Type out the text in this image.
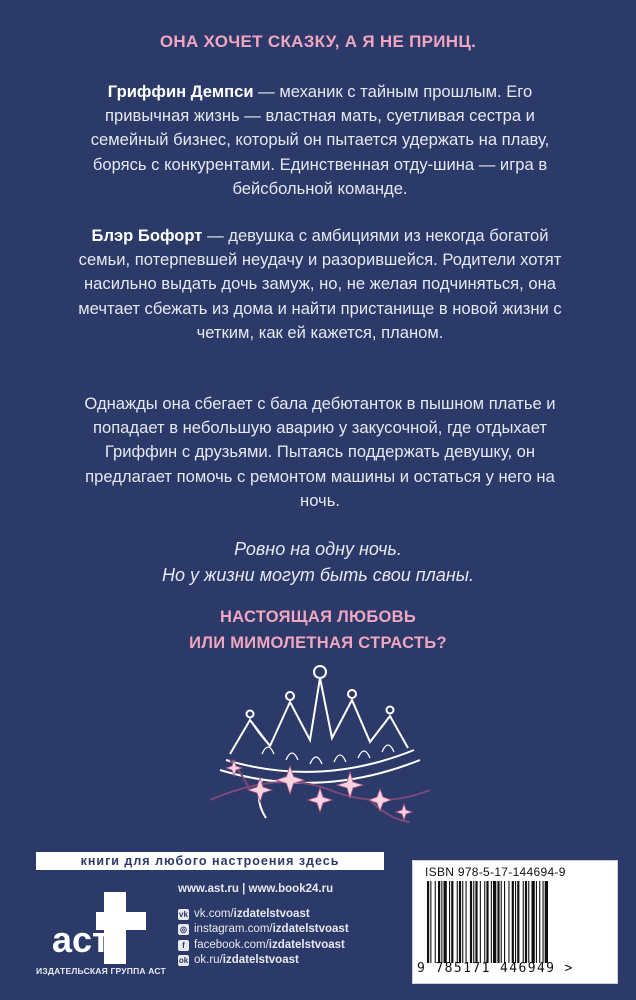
ОНА ХОЧЕТ СКАЗКУ, А Я НЕ ПРИНЦ.
Гриффин Демпси — механик с тайным прошлым. Его привычная жизнь — властная мать, суетливая сестра и семейный бизнес, который он пытается удержать на плаву, борясь с конкурентами. Единственная отду-шина — игра в бейсбольной команде.
Блэр Бофорт — девушка с амбициями из некогда богатой семьи, потерпевшей неудачу и разорившейся. Родители хотят насильно выдать дочь замуж, но, не желая подчиняться, она мечтает сбежать из дома и найти пристанище в новой жизни с четким, как ей кажется, планом.
Однажды она сбегает с бала дебютанток в пышном платье и попадает в небольшую аварию у закусочной, где отдыхает Гриффин с друзьями. Пытаясь поддержать девушку, он предлагает помочь с ремонтом машины и остаться у него на ночь.
Ровно на одну ночь.
Но у жизни могут быть свои планы.
НАСТОЯЩАЯ ЛЮБОВЬ
ИЛИ МИМОЛЕТНАЯ СТРАСТЬ?
книги для любого настроения здесь
аст
ИЗДАТЕЛЬСКАЯ ГРУППА АСТ
www.ast.ru | www.book24.ru
vk vk.com/izdatelstvoast
◎ instagram.com/izdatelstvoast
f facebook.com/izdatelstvoast
ok ok.ru/izdatelstvoast
ISBN 978-5-17-144694-9
9 785171 446949 >
